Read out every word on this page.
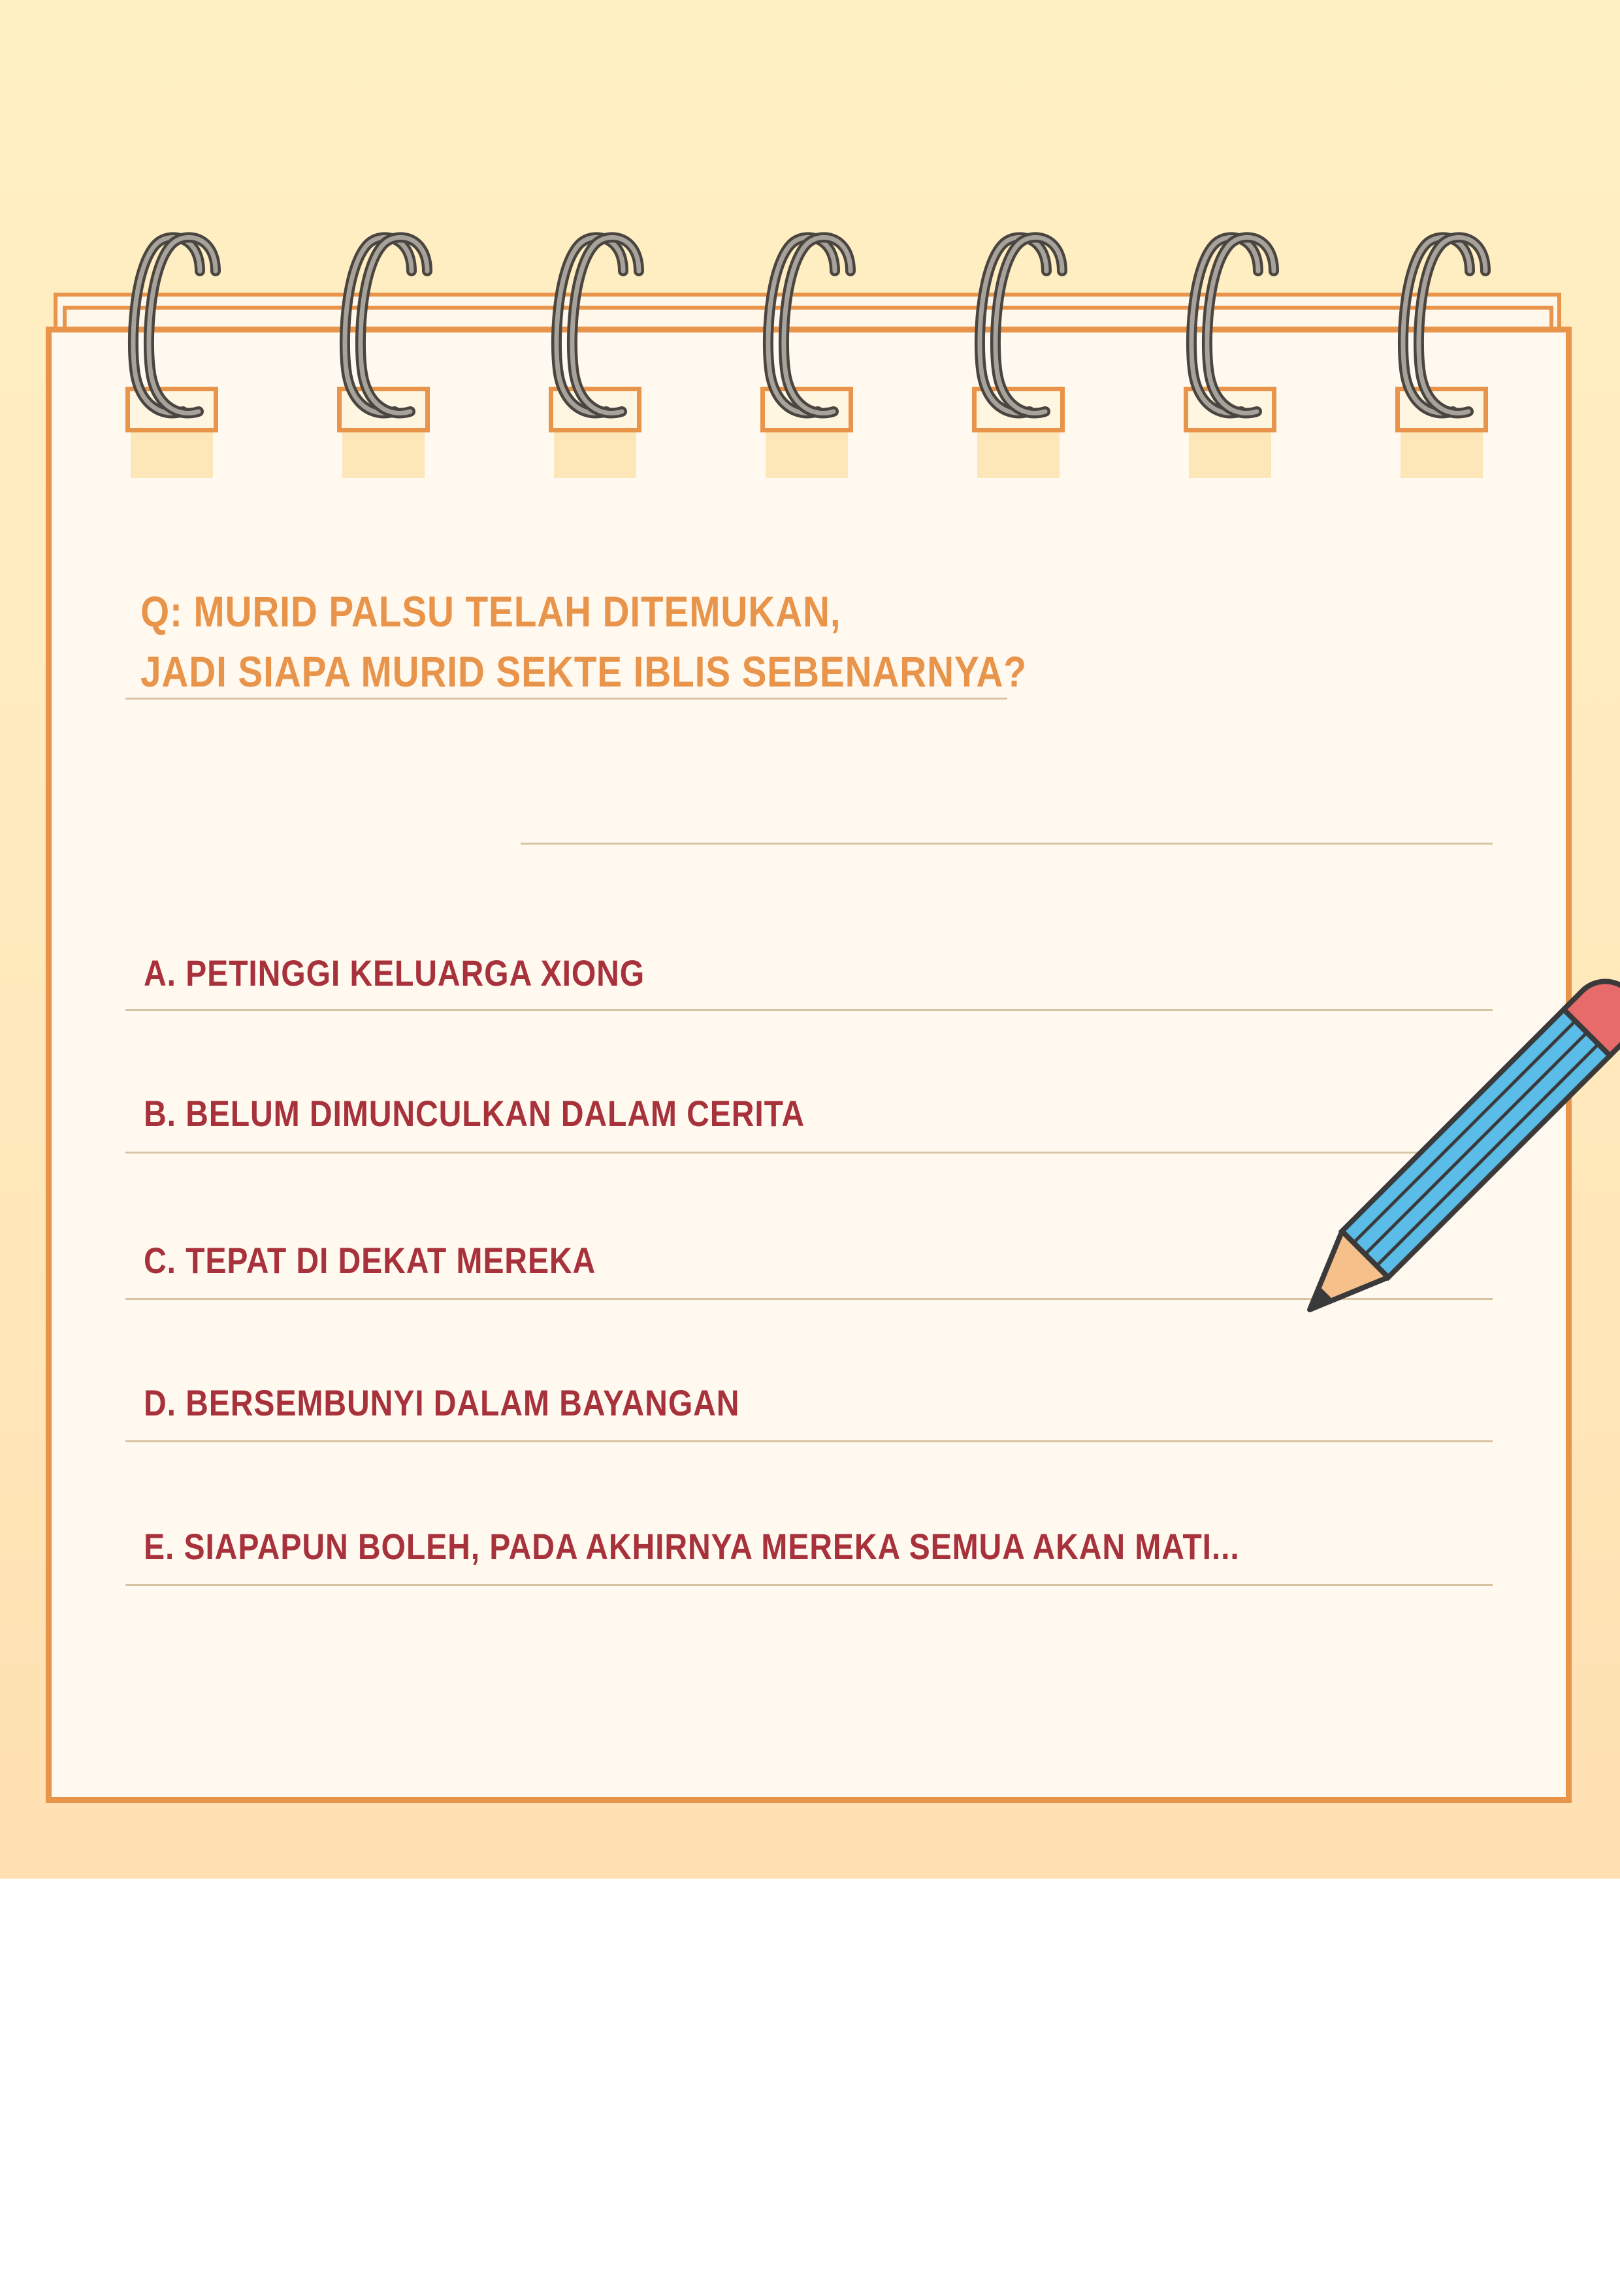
Q: MURID PALSU TELAH DITEMUKAN,
JADI SIAPA MURID SEKTE IBLIS SEBENARNYA?
A. PETINGGI KELUARGA XIONG
B. BELUM DIMUNCULKAN DALAM CERITA
C. TEPAT DI DEKAT MEREKA
D. BERSEMBUNYI DALAM BAYANGAN
E. SIAPAPUN BOLEH, PADA AKHIRNYA MEREKA SEMUA AKAN MATI...
